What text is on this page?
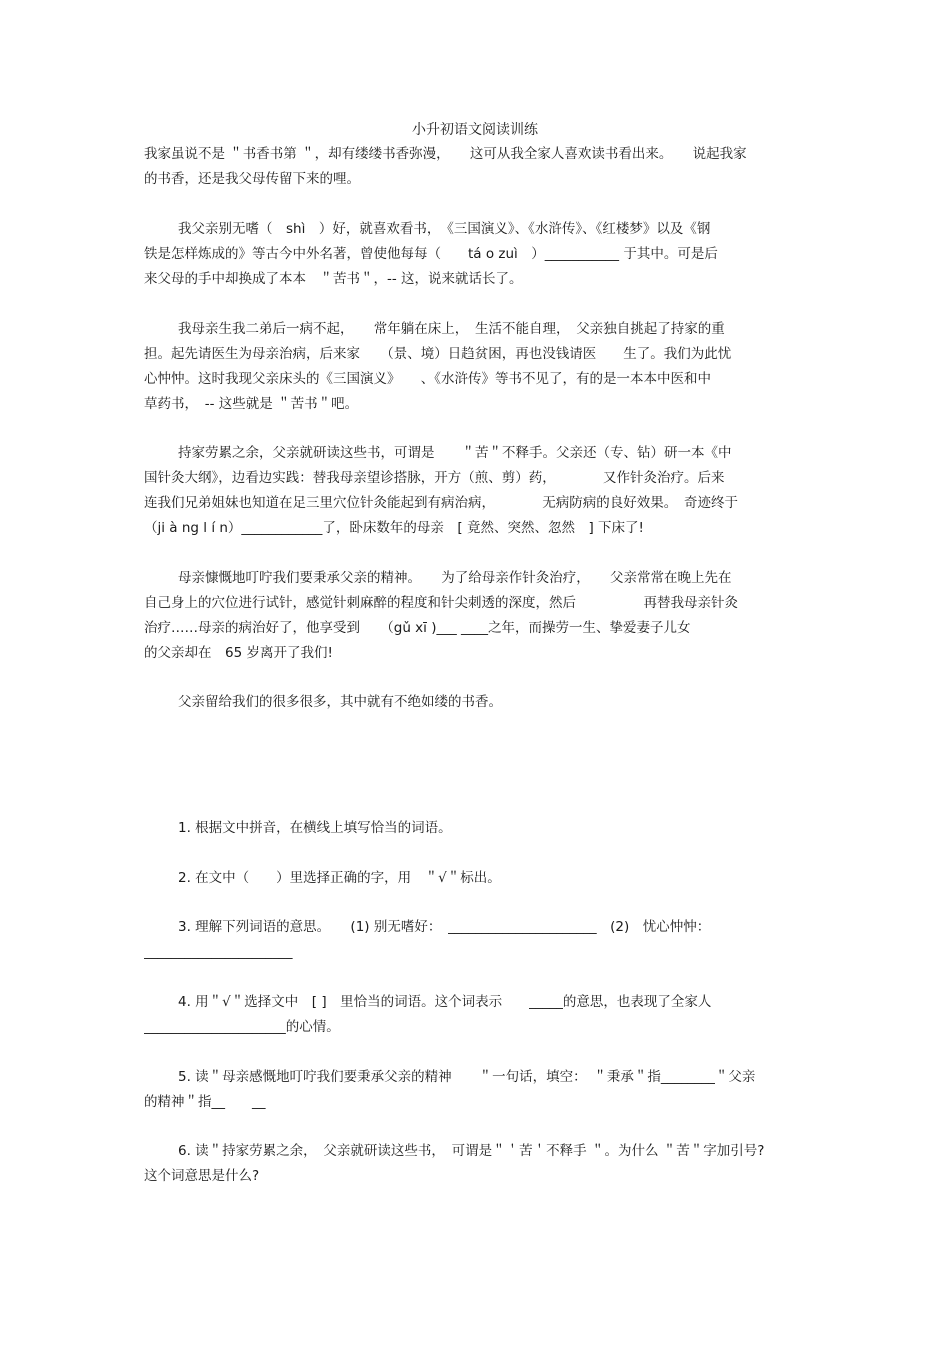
小升初语文阅读训练

我家虽说不是 ＂书香书第 ＂，却有缕缕书香弥漫，　　这可从我全家人喜欢读书看出来。　　说起我家
的书香，还是我父母传留下来的哩。

我父亲别无嗜（　shì　）好，就喜欢看书，　《三国演义》、《水浒传》、《红楼梦》以及《钢
铁是怎样炼成的》等古今中外名著，曾使他每每（　　tá o zuì　）___________ 于其中。可是后
来父母的手中却换成了本本　＂苦书＂，-- 这，说来就话长了。

我母亲生我二弟后一病不起，　　常年躺在床上，　生活不能自理，　父亲独自挑起了持家的重
担。起先请医生为母亲治病，后来家　　（景、境）日趋贫困，再也没钱请医　　生了。我们为此忧
心忡忡。这时我现父亲床头的《三国演义》　　、《水浒传》等书不见了，有的是一本本中医和中
草药书，　-- 这些就是 ＂苦书＂吧。

持家劳累之余，父亲就研读这些书，可谓是　　＂苦＂不释手。父亲还（专、钻）研一本《中
国针灸大纲》，边看边实践：替我母亲望诊搭脉，开方（煎、剪）药，　　　　又作针灸治疗。后来
连我们兄弟姐妹也知道在足三里穴位针灸能起到有病治病，　　　　无病防病的良好效果。　奇迹终于
（ji à ng l í n）____________了，卧床数年的母亲　[ 竟然、突然、忽然　] 下床了!

母亲慷慨地叮咛我们要秉承父亲的精神。　　为了给母亲作针灸治疗，　　父亲常常在晚上先在
自己身上的穴位进行试针，感觉针刺麻醉的程度和针尖刺透的深度，然后　　　　　再替我母亲针灸
治疗……母亲的病治好了，他享受到　　（gǔ xī )___ ____之年，而操劳一生、挚爱妻子儿女
的父亲却在　65 岁离开了我们!

父亲留给我们的很多很多，其中就有不绝如缕的书香。

1. 根据文中拼音，在横线上填写恰当的词语。

2. 在文中（　　）里选择正确的字，用　＂√＂标出。

3. 理解下列词语的意思。　　(1) 别无嗜好：　______________________　(2)　忧心忡忡：
______________________

4. 用＂√＂选择文中　[ ]　里恰当的词语。这个词表示　　_____的意思，也表现了全家人
_____________________的心情。

5. 读＂母亲感慨地叮咛我们要秉承父亲的精神　　＂一句话，填空：　＂秉承＂指________＂父亲
的精神＂指__　　__

6. 读＂持家劳累之余，　父亲就研读这些书，　可谓是＂＇苦＇不释手 ＂。为什么 ＂苦＂字加引号?
这个词意思是什么?
